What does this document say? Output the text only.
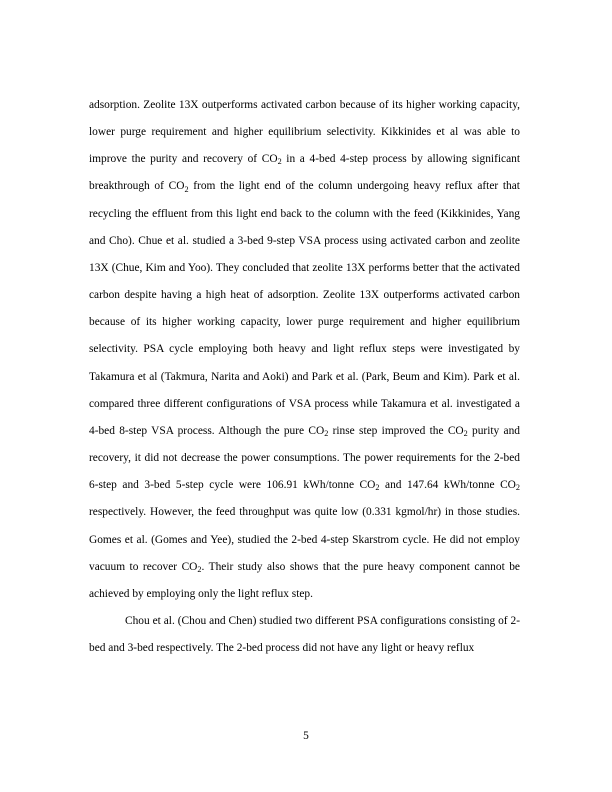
adsorption. Zeolite 13X outperforms activated carbon because of its higher working capacity, lower purge requirement and higher equilibrium selectivity. Kikkinides et al was able to improve the purity and recovery of $CO_2$ in a 4-bed 4-step process by allowing significant breakthrough of $CO_2$ from the light end of the column undergoing heavy reflux after that recycling the effluent from this light end back to the column with the feed (Kikkinides, Yang and Cho). Chue et al. studied a 3-bed 9-step VSA process using activated carbon and zeolite 13X (Chue, Kim and Yoo). They concluded that zeolite 13X performs better that the activated carbon despite having a high heat of adsorption. Zeolite 13X outperforms activated carbon because of its higher working capacity, lower purge requirement and higher equilibrium selectivity. PSA cycle employing both heavy and light reflux steps were investigated by Takamura et al (Takmura, Narita and Aoki) and Park et al. (Park, Beum and Kim). Park et al. compared three different configurations of VSA process while Takamura et al. investigated a 4-bed 8-step VSA process. Although the pure $CO_2$ rinse step improved the $CO_2$ purity and recovery, it did not decrease the power consumptions. The power requirements for the 2-bed 6-step and 3-bed 5-step cycle were 106.91 kWh/tonne $CO_2$ and 147.64 kWh/tonne $CO_2$ respectively. However, the feed throughput was quite low (0.331 kgmol/hr) in those studies. Gomes et al. (Gomes and Yee), studied the 2-bed 4-step Skarstrom cycle. He did not employ vacuum to recover $CO_2$. Their study also shows that the pure heavy component cannot be achieved by employing only the light reflux step.

Chou et al. (Chou and Chen) studied two different PSA configurations consisting of 2-bed and 3-bed respectively. The 2-bed process did not have any light or heavy reflux

5
